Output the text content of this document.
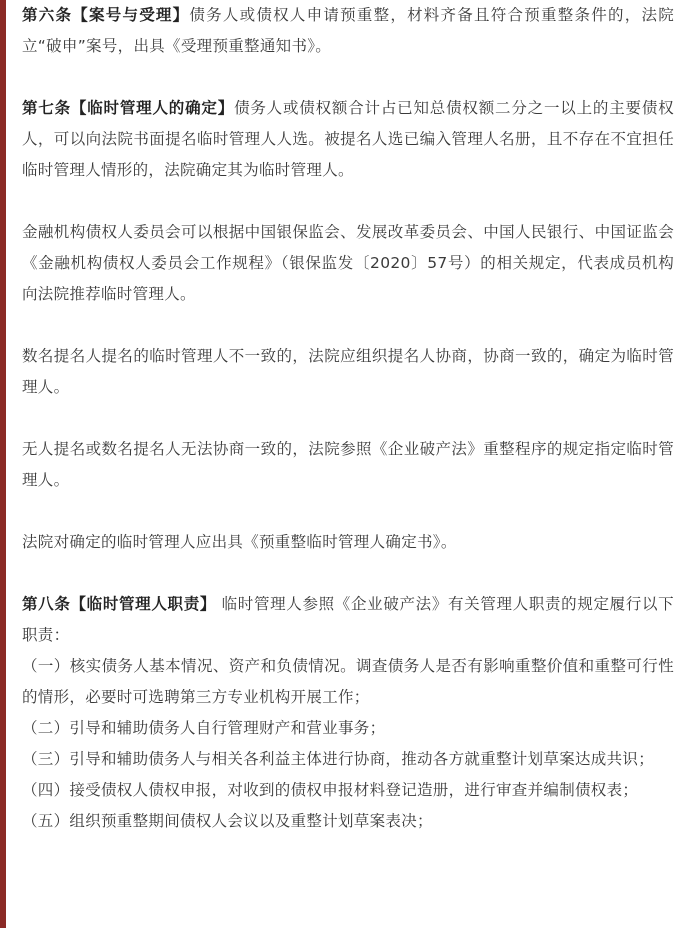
第六条【案号与受理】债务人或债权人申请预重整，材料齐备且符合预重整条件的，法院立“破申”案号，出具《受理预重整通知书》。

第七条【临时管理人的确定】债务人或债权额合计占已知总债权额二分之一以上的主要债权人，可以向法院书面提名临时管理人人选。被提名人选已编入管理人名册，且不存在不宜担任临时管理人情形的，法院确定其为临时管理人。

金融机构债权人委员会可以根据中国银保监会、发展改革委员会、中国人民银行、中国证监会《金融机构债权人委员会工作规程》（银保监发〔2020〕57号）的相关规定，代表成员机构向法院推荐临时管理人。

数名提名人提名的临时管理人不一致的，法院应组织提名人协商，协商一致的，确定为临时管理人。

无人提名或数名提名人无法协商一致的，法院参照《企业破产法》重整程序的规定指定临时管理人。

法院对确定的临时管理人应出具《预重整临时管理人确定书》。

第八条【临时管理人职责】 临时管理人参照《企业破产法》有关管理人职责的规定履行以下职责：

（一）核实债务人基本情况、资产和负债情况。调查债务人是否有影响重整价值和重整可行性的情形，必要时可选聘第三方专业机构开展工作；

（二）引导和辅助债务人自行管理财产和营业事务；

（三）引导和辅助债务人与相关各利益主体进行协商，推动各方就重整计划草案达成共识；

（四）接受债权人债权申报，对收到的债权申报材料登记造册，进行审查并编制债权表；

（五）组织预重整期间债权人会议以及重整计划草案表决；
